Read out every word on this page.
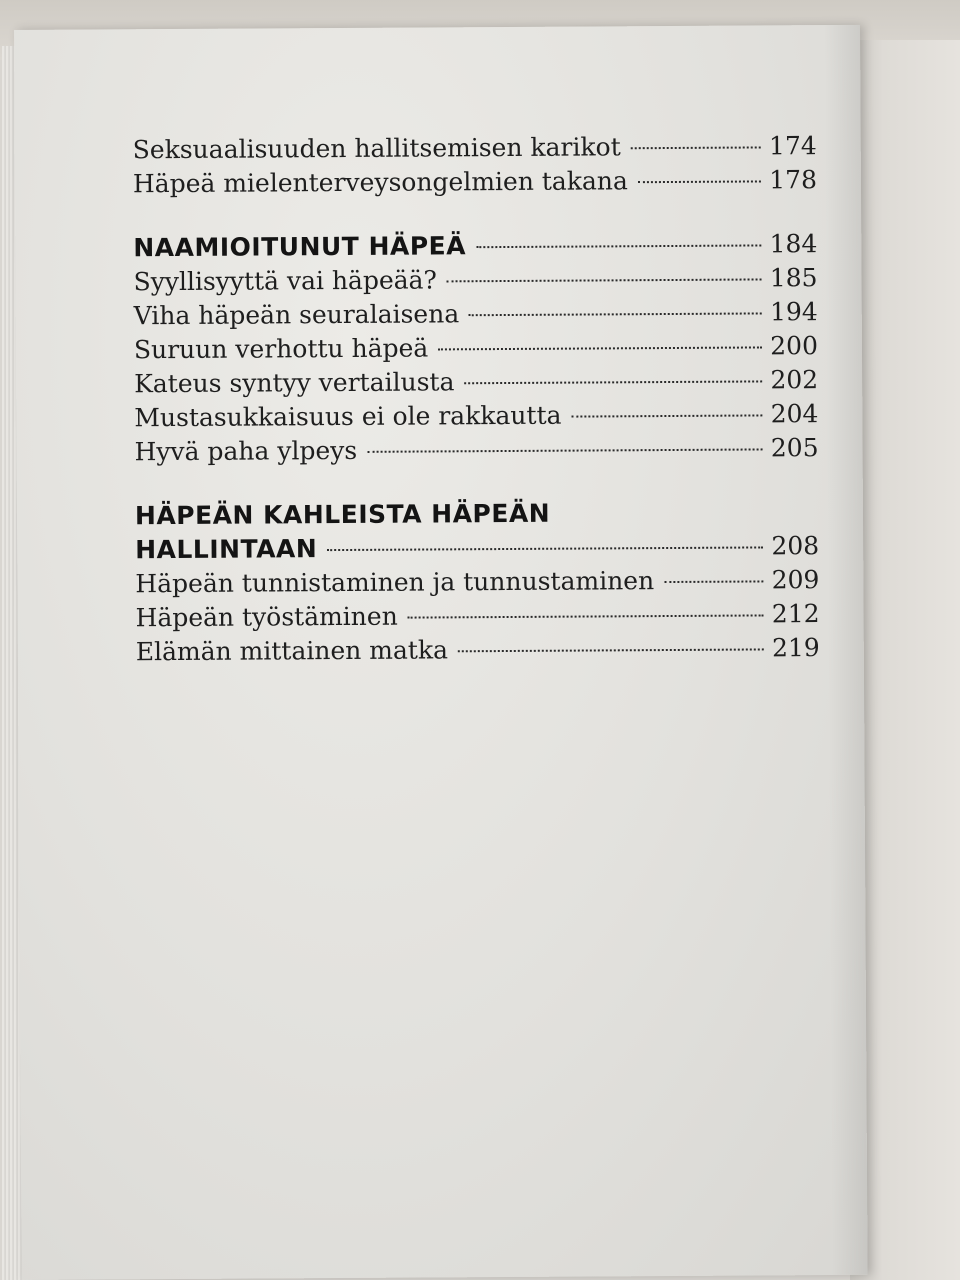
Seksuaalisuuden hallitsemisen karikot	174
Häpeä mielenterveysongelmien takana	178
NAAMIOITUNUT HÄPEÄ	184
Syyllisyyttä vai häpeää?	185
Viha häpeän seuralaisena	194
Suruun verhottu häpeä	200
Kateus syntyy vertailusta	202
Mustasukkaisuus ei ole rakkautta	204
Hyvä paha ylpeys	205
HÄPEÄN KAHLEISTA HÄPEÄN
HALLINTAAN	208
Häpeän tunnistaminen ja tunnustaminen	209
Häpeän työstäminen	212
Elämän mittainen matka	219
